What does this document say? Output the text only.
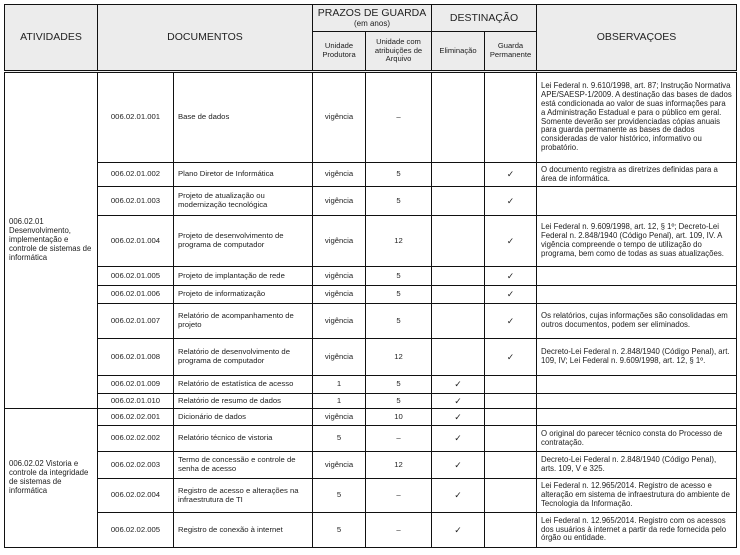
ATIVIDADES	DOCUMENTOS		PRAZOS DE GUARDA
(em anos)		DESTINAÇÃO		OBSERVAÇOES
			Unidade Produtora	Unidade com atribuições de Arquivo	Eliminação	Guarda Permanente	
006.02.01 Desenvolvimento, implementação e controle de sistemas de informática	006.02.01.001	Base de dados	vigência	–			Lei Federal n. 9.610/1998, art. 87; Instrução Normativa APE/SAESP-1/2009. A destinação das bases de dados está condicionada ao valor de suas informações para a Administração Estadual e para o público em geral. Somente deverão ser providenciadas cópias anuais para guarda permanente as bases de dados consideradas de valor histórico, informativo ou probatório.
	006.02.01.002	Plano Diretor de Informática	vigência	5		✓	O documento registra as diretrizes definidas para a área de informática.
	006.02.01.003	Projeto de atualização ou modernização tecnológica	vigência	5		✓	
	006.02.01.004	Projeto de desenvolvimento de programa de computador	vigência	12		✓	Lei Federal n. 9.609/1998, art. 12, § 1º; Decreto-Lei Federal n. 2.848/1940 (Código Penal), art. 109, IV. A vigência compreende o tempo de utilização do programa, bem como de todas as suas atualizações.
	006.02.01.005	Projeto de implantação de rede	vigência	5		✓	
	006.02.01.006	Projeto de informatização	vigência	5		✓	
	006.02.01.007	Relatório de acompanhamento de projeto	vigência	5		✓	Os relatórios, cujas informações são consolidadas em outros documentos, podem ser eliminados.
	006.02.01.008	Relatório de desenvolvimento de programa de computador	vigência	12		✓	Decreto-Lei Federal n. 2.848/1940 (Código Penal), art. 109, IV; Lei Federal n. 9.609/1998, art. 12, § 1º.
	006.02.01.009	Relatório de estatística de acesso	1	5	✓		
	006.02.01.010	Relatório de resumo de dados	1	5	✓		
006.02.02 Vistoria e controle da integridade de sistemas de informática	006.02.02.001	Dicionário de dados	vigência	10	✓		
	006.02.02.002	Relatório técnico de vistoria	5	–	✓		O original do parecer técnico consta do Processo de contratação.
	006.02.02.003	Termo de concessão e controle de senha de acesso	vigência	12	✓		Decreto-Lei Federal n. 2.848/1940 (Código Penal), arts. 109, V e 325.
	006.02.02.004	Registro de acesso e alterações na infraestrutura de TI	5	–	✓		Lei Federal n. 12.965/2014. Registro de acesso e alteração em sistema de infraestrutura do ambiente de Tecnologia da Informação.
	006.02.02.005	Registro de conexão à internet	5	–	✓		Lei Federal n. 12.965/2014. Registro com os acessos dos usuários à internet a partir da rede fornecida pelo órgão ou entidade.
